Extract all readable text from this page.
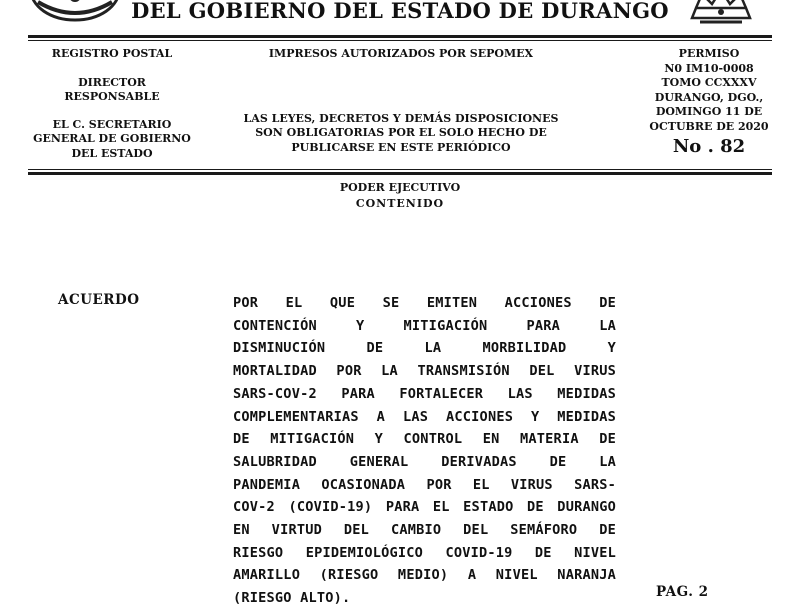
DEL GOBIERNO DEL ESTADO DE DURANGO
REGISTRO POSTAL
DIRECTOR
RESPONSABLE
EL C. SECRETARIO
GENERAL DE GOBIERNO
DEL ESTADO
IMPRESOS AUTORIZADOS POR SEPOMEX
LAS LEYES, DECRETOS Y DEMÁS DISPOSICIONES
SON OBLIGATORIAS POR EL SOLO HECHO DE
PUBLICARSE EN ESTE PERIÓDICO
PERMISO
N0 IM10-0008
TOMO CCXXXV
DURANGO, DGO.,
DOMINGO 11 DE
OCTUBRE DE 2020
No . 82
PODER EJECUTIVO
CONTENIDO
ACUERDO	POR EL QUE SE EMITEN ACCIONES DE
CONTENCIÓN Y MITIGACIÓN PARA LA
DISMINUCIÓN DE LA MORBILIDAD Y
MORTALIDAD POR LA TRANSMISIÓN DEL VIRUS
SARS-COV-2 PARA FORTALECER LAS MEDIDAS
COMPLEMENTARIAS A LAS ACCIONES Y MEDIDAS
DE MITIGACIÓN Y CONTROL EN MATERIA DE
SALUBRIDAD GENERAL DERIVADAS DE LA
PANDEMIA OCASIONADA POR EL VIRUS SARS-
COV-2 (COVID-19) PARA EL ESTADO DE DURANGO
EN VIRTUD DEL CAMBIO DEL SEMÁFORO DE
RIESGO EPIDEMIOLÓGICO COVID-19 DE NIVEL
AMARILLO (RIESGO MEDIO) A NIVEL NARANJA
(RIESGO ALTO).	PAG. 2
